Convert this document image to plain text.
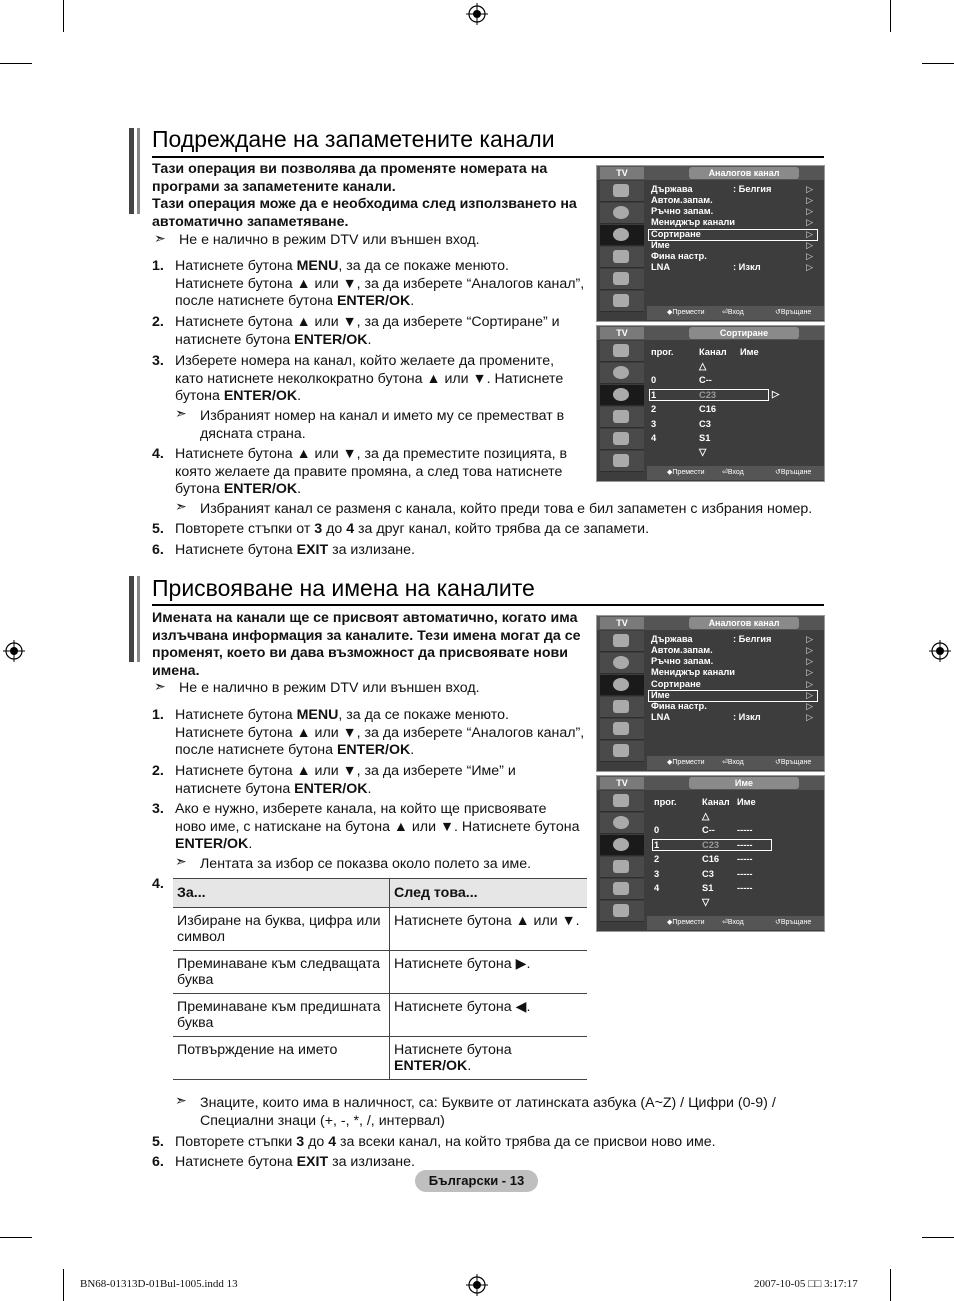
Подреждане на запаметените канали
Тази операция ви позволява да променяте номерата на програми за запаметените канали.
Тази операция може да е необходима след използването на автоматично запаметяване.
➣ Не е налично в режим DTV или външен вход.
1. Натиснете бутона MENU, за да се покаже менюто.
Натиснете бутона ▲ или ▼, за да изберете “Аналогов канал”,
после натиснете бутона ENTER/OK.
2. Натиснете бутона ▲ или ▼, за да изберете “Сортиране” и
натиснете бутона ENTER/OK.
3. Изберете номера на канал, който желаете да промените,
като натиснете неколкократно бутона ▲ или ▼. Натиснете
бутона ENTER/OK.
➣ Избраният номер на канал и името му се преместват в
дясната страна.
4. Натиснете бутона ▲ или ▼, за да преместите позицията, в
която желаете да правите промяна, а след това натиснете
бутона ENTER/OK.
➣ Избраният канал се разменя с канала, който преди това е бил запаметен с избрания номер.
5. Повторете стъпки от 3 до 4 за друг канал, който трябва да се запамети.
6. Натиснете бутона EXIT за излизане.
TV	Аналогов канал
Държава	: Белгия
Автом.запам.
Ръчно запам.
Мениджър канали
Сортиране
Име
Фина настр.
LNA	: Изкл
▷
▷
▷
▷
▷
▷
▷
▷
◆ Премести ⏎ Вход	↺ Връщане
TV	Сортиране
прог.	Канал Име
△
0	C--
1	C23	▷
2	C16
3	C3
4	S1
▽
◆ Премести ⏎ Вход	↺ Връщане
Присвояване на имена на каналите
Имената на канали ще се присвоят автоматично, когато има
излъчвана информация за каналите. Тези имена могат да се
променят, което ви дава възможност да присвоявате нови
имена.
➣ Не е налично в режим DTV или външен вход.
1. Натиснете бутона MENU, за да се покаже менюто.
Натиснете бутона ▲ или ▼, за да изберете “Аналогов канал”,
после натиснете бутона ENTER/OK.
2. Натиснете бутона ▲ или ▼, за да изберете “Име” и
натиснете бутона ENTER/OK.
3. Ако е нужно, изберете канала, на който ще присвоявате
ново име, с натискане на бутона ▲ или ▼. Натиснете бутона
ENTER/OK.
➣ Лентата за избор се показва около полето за име.
4.
За...	След това...
Избиране на буква, цифра или символ	Натиснете бутона ▲ или ▼.
Преминаване към следващата буква	Натиснете бутона ▶.
Преминаване към предишната буква	Натиснете бутона ◀.
Потвърждение на името	Натиснете бутона
ENTER/OK.
➣ Знаците, които има в наличност, са: Буквите от латинската азбука (A~Z) / Цифри (0-9) /
Специални знаци (+, -, *, /, интервал)
5. Повторете стъпки 3 до 4 за всеки канал, на който трябва да се присвои ново име.
6. Натиснете бутона EXIT за излизане.
TV	Аналогов канал
Държава	: Белгия
Автом.запам.
Ръчно запам.
Мениджър канали
Сортиране
Име
Фина настр.
LNA	: Изкл
▷
▷
▷
▷
▷
▷
▷
▷
◆ Премести ⏎ Вход	↺ Връщане
TV	Име
прог.	Канал Име
△
0	C-- -----
1	C23 -----
2	C16 -----
3	C3 -----
4	S1	-----
▽
◆ Премести ⏎ Вход	↺ Връщане
Български - 13
BN68-01313D-01Bul-1005.indd 13	2007-10-05 □□ 3:17:17
